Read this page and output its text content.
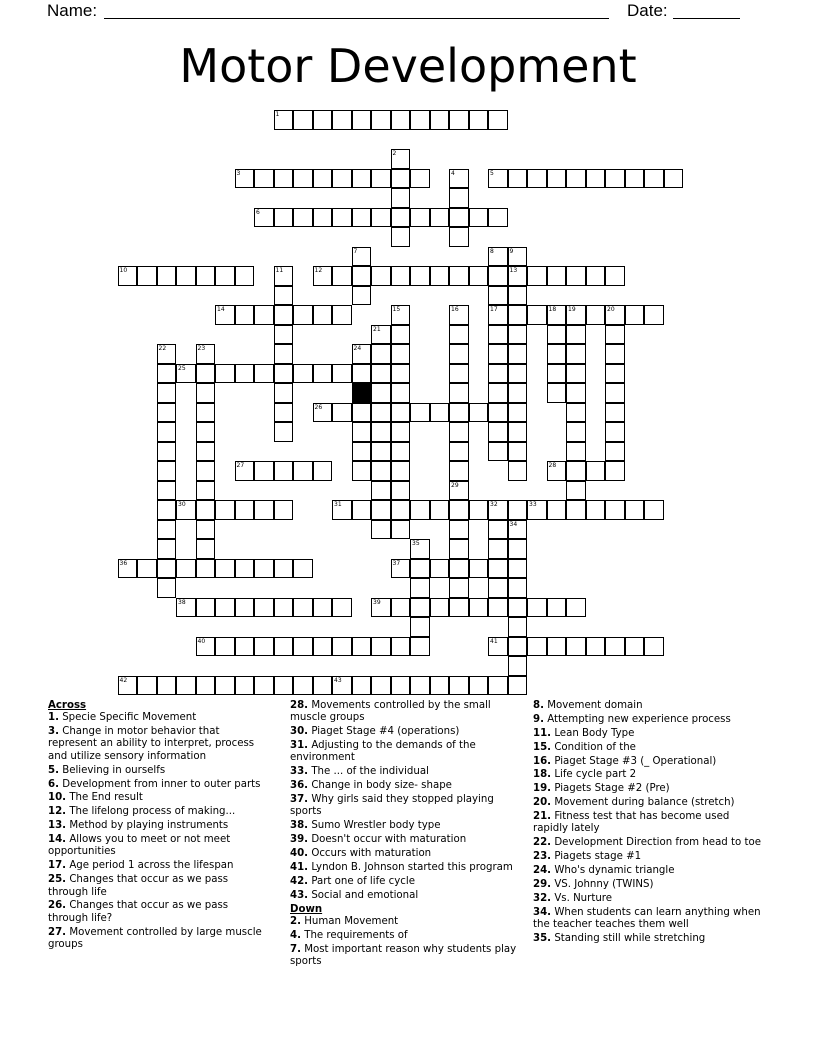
Name:	Date:
Motor Development
1
2
3	4	5
6
7	8	9
13
10	11	12
14	15	16	17	18 19	20
21
22	23	24
25
26
27	28
29
30	31	32	33
34
35
36	37
38	39
40	41
42	43
Across
1. Specie Specific Movement
3. Change in motor behavior that represent an ability to interpret, process and utilize sensory information
5. Believing in ourselfs
6. Development from inner to outer parts
10. The End result
12. The lifelong process of making...
13. Method by playing instruments
14. Allows you to meet or not meet opportunities
17. Age period 1 across the lifespan
25. Changes that occur as we pass through life
26. Changes that occur as we pass through life?
27. Movement controlled by large muscle groups
28. Movements controlled by the small muscle groups
30. Piaget Stage #4 (operations)
31. Adjusting to the demands of the environment
33. The ... of the individual
36. Change in body size- shape
37. Why girls said they stopped playing sports
38. Sumo Wrestler body type
39. Doesn't occur with maturation
40. Occurs with maturation
41. Lyndon B. Johnson started this program
42. Part one of life cycle
43. Social and emotional
Down
2. Human Movement
4. The requirements of
7. Most important reason why students play sports
8. Movement domain
9. Attempting new experience process
11. Lean Body Type
15. Condition of the
16. Piaget Stage #3 (_ Operational)
18. Life cycle part 2
19. Piagets Stage #2 (Pre)
20. Movement during balance (stretch)
21. Fitness test that has become used rapidly lately
22. Development Direction from head to toe
23. Piagets stage #1
24. Who's dynamic triangle
29. VS. Johnny (TWINS)
32. Vs. Nurture
34. When students can learn anything when the teacher teaches them well
35. Standing still while stretching
